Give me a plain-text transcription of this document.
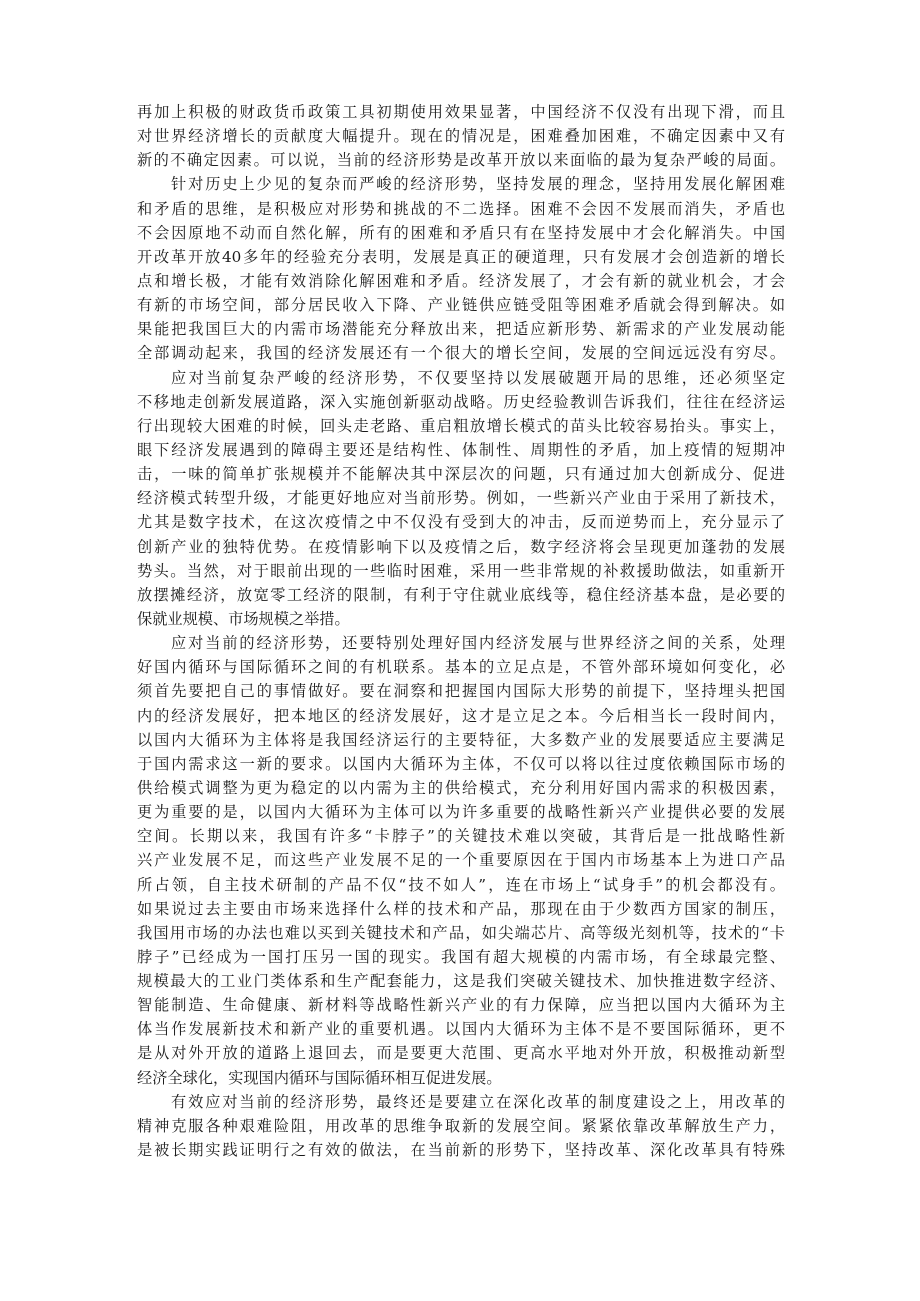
再加上积极的财政货币政策工具初期使用效果显著，中国经济不仅没有出现下滑，而且
对世界经济增长的贡献度大幅提升。现在的情况是，困难叠加困难，不确定因素中又有
新的不确定因素。可以说，当前的经济形势是改革开放以来面临的最为复杂严峻的局面。

针对历史上少见的复杂而严峻的经济形势，坚持发展的理念，坚持用发展化解困难
和矛盾的思维，是积极应对形势和挑战的不二选择。困难不会因不发展而消失，矛盾也
不会因原地不动而自然化解，所有的困难和矛盾只有在坚持发展中才会化解消失。中国
开改革开放40多年的经验充分表明，发展是真正的硬道理，只有发展才会创造新的增长
点和增长极，才能有效消除化解困难和矛盾。经济发展了，才会有新的就业机会，才会
有新的市场空间，部分居民收入下降、产业链供应链受阻等困难矛盾就会得到解决。如
果能把我国巨大的内需市场潜能充分释放出来，把适应新形势、新需求的产业发展动能
全部调动起来，我国的经济发展还有一个很大的增长空间，发展的空间远远没有穷尽。

应对当前复杂严峻的经济形势，不仅要坚持以发展破题开局的思维，还必须坚定
不移地走创新发展道路，深入实施创新驱动战略。历史经验教训告诉我们，往往在经济运
行出现较大困难的时候，回头走老路、重启粗放增长模式的苗头比较容易抬头。事实上，
眼下经济发展遇到的障碍主要还是结构性、体制性、周期性的矛盾，加上疫情的短期冲
击，一味的简单扩张规模并不能解决其中深层次的问题，只有通过加大创新成分、促进
经济模式转型升级，才能更好地应对当前形势。例如，一些新兴产业由于采用了新技术，
尤其是数字技术，在这次疫情之中不仅没有受到大的冲击，反而逆势而上，充分显示了
创新产业的独特优势。在疫情影响下以及疫情之后，数字经济将会呈现更加蓬勃的发展
势头。当然，对于眼前出现的一些临时困难，采用一些非常规的补救援助做法，如重新开
放摆摊经济，放宽零工经济的限制，有利于守住就业底线等，稳住经济基本盘，是必要的
保就业规模、市场规模之举措。

应对当前的经济形势，还要特别处理好国内经济发展与世界经济之间的关系，处理
好国内循环与国际循环之间的有机联系。基本的立足点是，不管外部环境如何变化，必
须首先要把自己的事情做好。要在洞察和把握国内国际大形势的前提下，坚持埋头把国
内的经济发展好，把本地区的经济发展好，这才是立足之本。今后相当长一段时间内，
以国内大循环为主体将是我国经济运行的主要特征，大多数产业的发展要适应主要满足
于国内需求这一新的要求。以国内大循环为主体，不仅可以将以往过度依赖国际市场的
供给模式调整为更为稳定的以内需为主的供给模式，充分利用好国内需求的积极因素，
更为重要的是，以国内大循环为主体可以为许多重要的战略性新兴产业提供必要的发展
空间。长期以来，我国有许多“卡脖子”的关键技术难以突破，其背后是一批战略性新
兴产业发展不足，而这些产业发展不足的一个重要原因在于国内市场基本上为进口产品
所占领，自主技术研制的产品不仅“技不如人”，连在市场上“试身手”的机会都没有。
如果说过去主要由市场来选择什么样的技术和产品，那现在由于少数西方国家的制压，
我国用市场的办法也难以买到关键技术和产品，如尖端芯片、高等级光刻机等，技术的“卡
脖子”已经成为一国打压另一国的现实。我国有超大规模的内需市场，有全球最完整、
规模最大的工业门类体系和生产配套能力，这是我们突破关键技术、加快推进数字经济、
智能制造、生命健康、新材料等战略性新兴产业的有力保障，应当把以国内大循环为主
体当作发展新技术和新产业的重要机遇。以国内大循环为主体不是不要国际循环，更不
是从对外开放的道路上退回去，而是要更大范围、更高水平地对外开放，积极推动新型
经济全球化，实现国内循环与国际循环相互促进发展。

有效应对当前的经济形势，最终还是要建立在深化改革的制度建设之上，用改革的
精神克服各种艰难险阻，用改革的思维争取新的发展空间。紧紧依靠改革解放生产力，
是被长期实践证明行之有效的做法，在当前新的形势下，坚持改革、深化改革具有特殊
